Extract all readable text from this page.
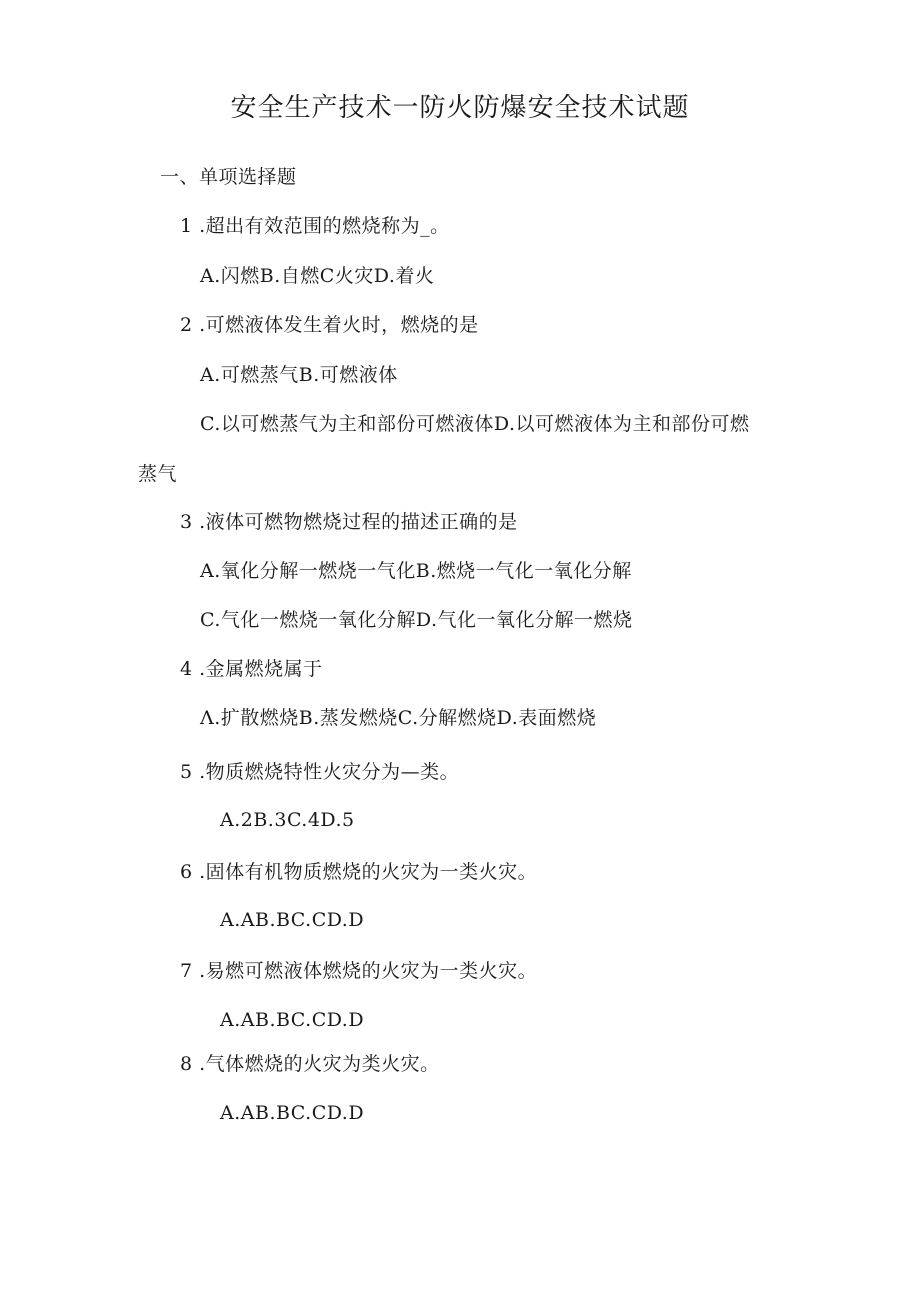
安全生产技术一防火防爆安全技术试题
一、单项选择题
1 .超出有效范围的燃烧称为_。
A.闪燃B.自燃C火灾D.着火
2 .可燃液体发生着火时，燃烧的是
A.可燃蒸气B.可燃液体
C.以可燃蒸气为主和部份可燃液体D.以可燃液体为主和部份可燃
蒸气
3 .液体可燃物燃烧过程的描述正确的是
A.氧化分解一燃烧一气化B.燃烧一气化一氧化分解
C.气化一燃烧一氧化分解D.气化一氧化分解一燃烧
4 .金属燃烧属于
Λ.扩散燃烧B.蒸发燃烧C.分解燃烧D.表面燃烧
5 .物质燃烧特性火灾分为—类。
A.2B.3C.4D.5
6 .固体有机物质燃烧的火灾为一类火灾。
A.AB.BC.CD.D
7 .易燃可燃液体燃烧的火灾为一类火灾。
A.AB.BC.CD.D
8 .气体燃烧的火灾为类火灾。
A.AB.BC.CD.D
